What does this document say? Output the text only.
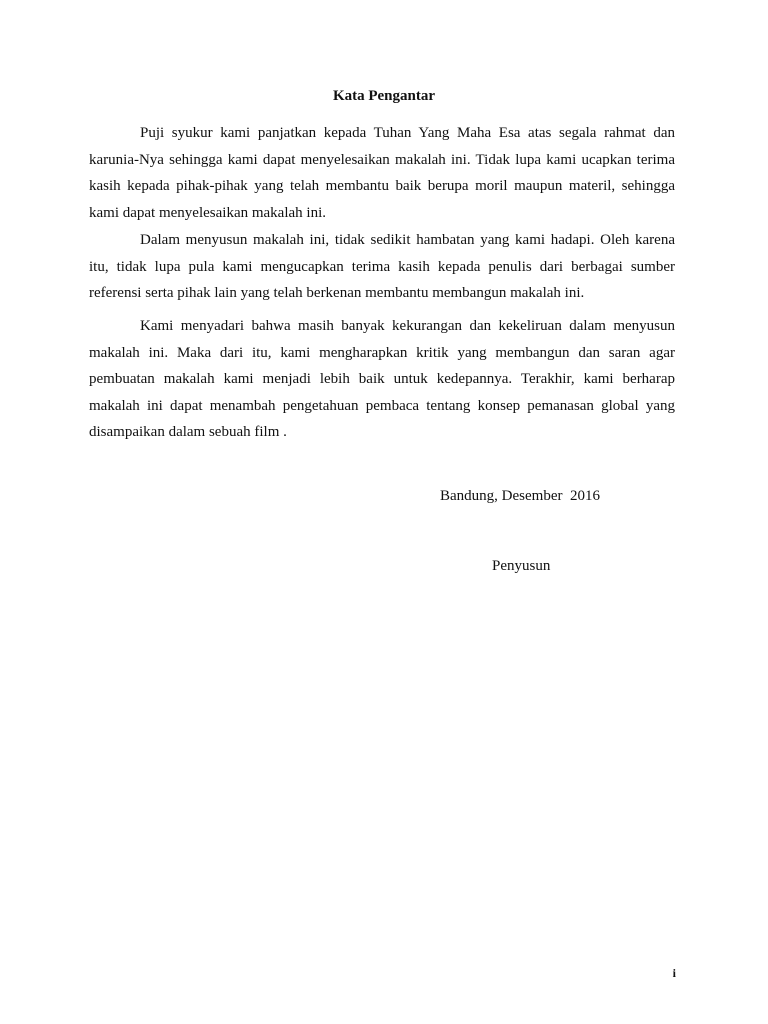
Kata Pengantar

Puji syukur kami panjatkan kepada Tuhan Yang Maha Esa atas segala rahmat dan karunia-Nya sehingga kami dapat menyelesaikan makalah ini. Tidak lupa kami ucapkan terima kasih kepada pihak-pihak yang telah membantu baik berupa moril maupun materil, sehingga kami dapat menyelesaikan makalah ini.

Dalam menyusun makalah ini, tidak sedikit hambatan yang kami hadapi. Oleh karena itu, tidak lupa pula kami mengucapkan terima kasih kepada penulis dari berbagai sumber referensi serta pihak lain yang telah berkenan membantu membangun makalah ini.

Kami menyadari bahwa masih banyak kekurangan dan kekeliruan dalam menyusun makalah ini. Maka dari itu, kami mengharapkan kritik yang membangun dan saran agar pembuatan makalah kami menjadi lebih baik untuk kedepannya. Terakhir, kami berharap makalah ini dapat menambah pengetahuan pembaca tentang konsep pemanasan global yang disampaikan dalam sebuah film .

Bandung, Desember  2016
Penyusun
i
